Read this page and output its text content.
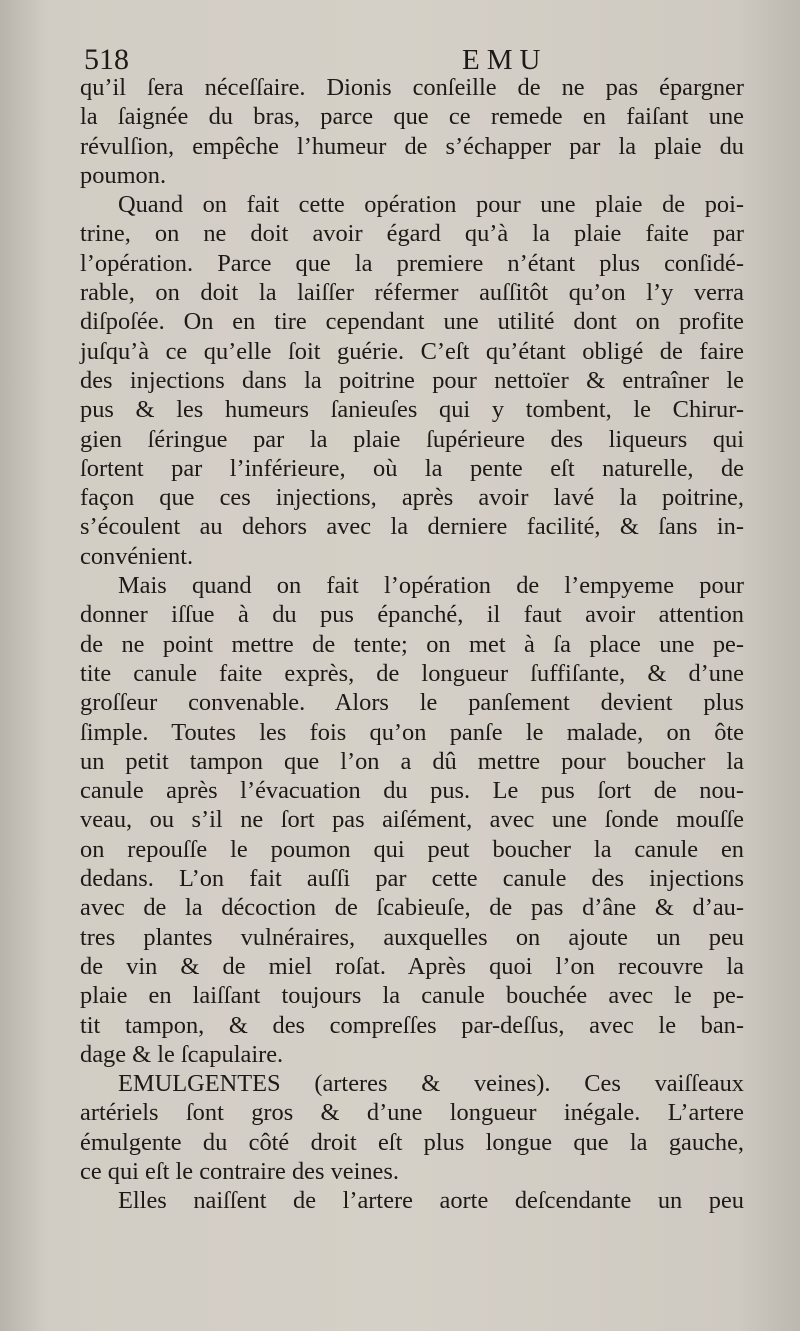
518	EMU
qu’il ſera néceſſaire. Dionis conſeille de ne pas épargner
la ſaignée du bras, parce que ce remede en faiſant une
révulſion, empêche l’humeur de s’échapper par la plaie du
poumon.
Quand on fait cette opération pour une plaie de poi-
trine, on ne doit avoir égard qu’à la plaie faite par
l’opération. Parce que la premiere n’étant plus conſidé-
rable, on doit la laiſſer réfermer auſſitôt qu’on l’y verra
diſpoſée. On en tire cependant une utilité dont on profite
juſqu’à ce qu’elle ſoit guérie. C’eſt qu’étant obligé de faire
des injections dans la poitrine pour nettoïer & entraîner le
pus & les humeurs ſanieuſes qui y tombent, le Chirur-
gien ſéringue par la plaie ſupérieure des liqueurs qui
ſortent par l’inférieure, où la pente eſt naturelle, de
façon que ces injections, après avoir lavé la poitrine,
s’écoulent au dehors avec la derniere facilité, & ſans in-
convénient.
Mais quand on fait l’opération de l’empyeme pour
donner iſſue à du pus épanché, il faut avoir attention
de ne point mettre de tente; on met à ſa place une pe-
tite canule faite exprès, de longueur ſuffiſante, & d’une
groſſeur convenable. Alors le panſement devient plus
ſimple. Toutes les fois qu’on panſe le malade, on ôte
un petit tampon que l’on a dû mettre pour boucher la
canule après l’évacuation du pus. Le pus ſort de nou-
veau, ou s’il ne ſort pas aiſément, avec une ſonde mouſſe
on repouſſe le poumon qui peut boucher la canule en
dedans. L’on fait auſſi par cette canule des injections
avec de la décoction de ſcabieuſe, de pas d’âne & d’au-
tres plantes vulnéraires, auxquelles on ajoute un peu
de vin & de miel roſat. Après quoi l’on recouvre la
plaie en laiſſant toujours la canule bouchée avec le pe-
tit tampon, & des compreſſes par-deſſus, avec le ban-
dage & le ſcapulaire.
EMULGENTES (arteres & veines). Ces vaiſſeaux
artériels ſont gros & d’une longueur inégale. L’artere
émulgente du côté droit eſt plus longue que la gauche,
ce qui eſt le contraire des veines.
Elles naiſſent de l’artere aorte deſcendante un peu
